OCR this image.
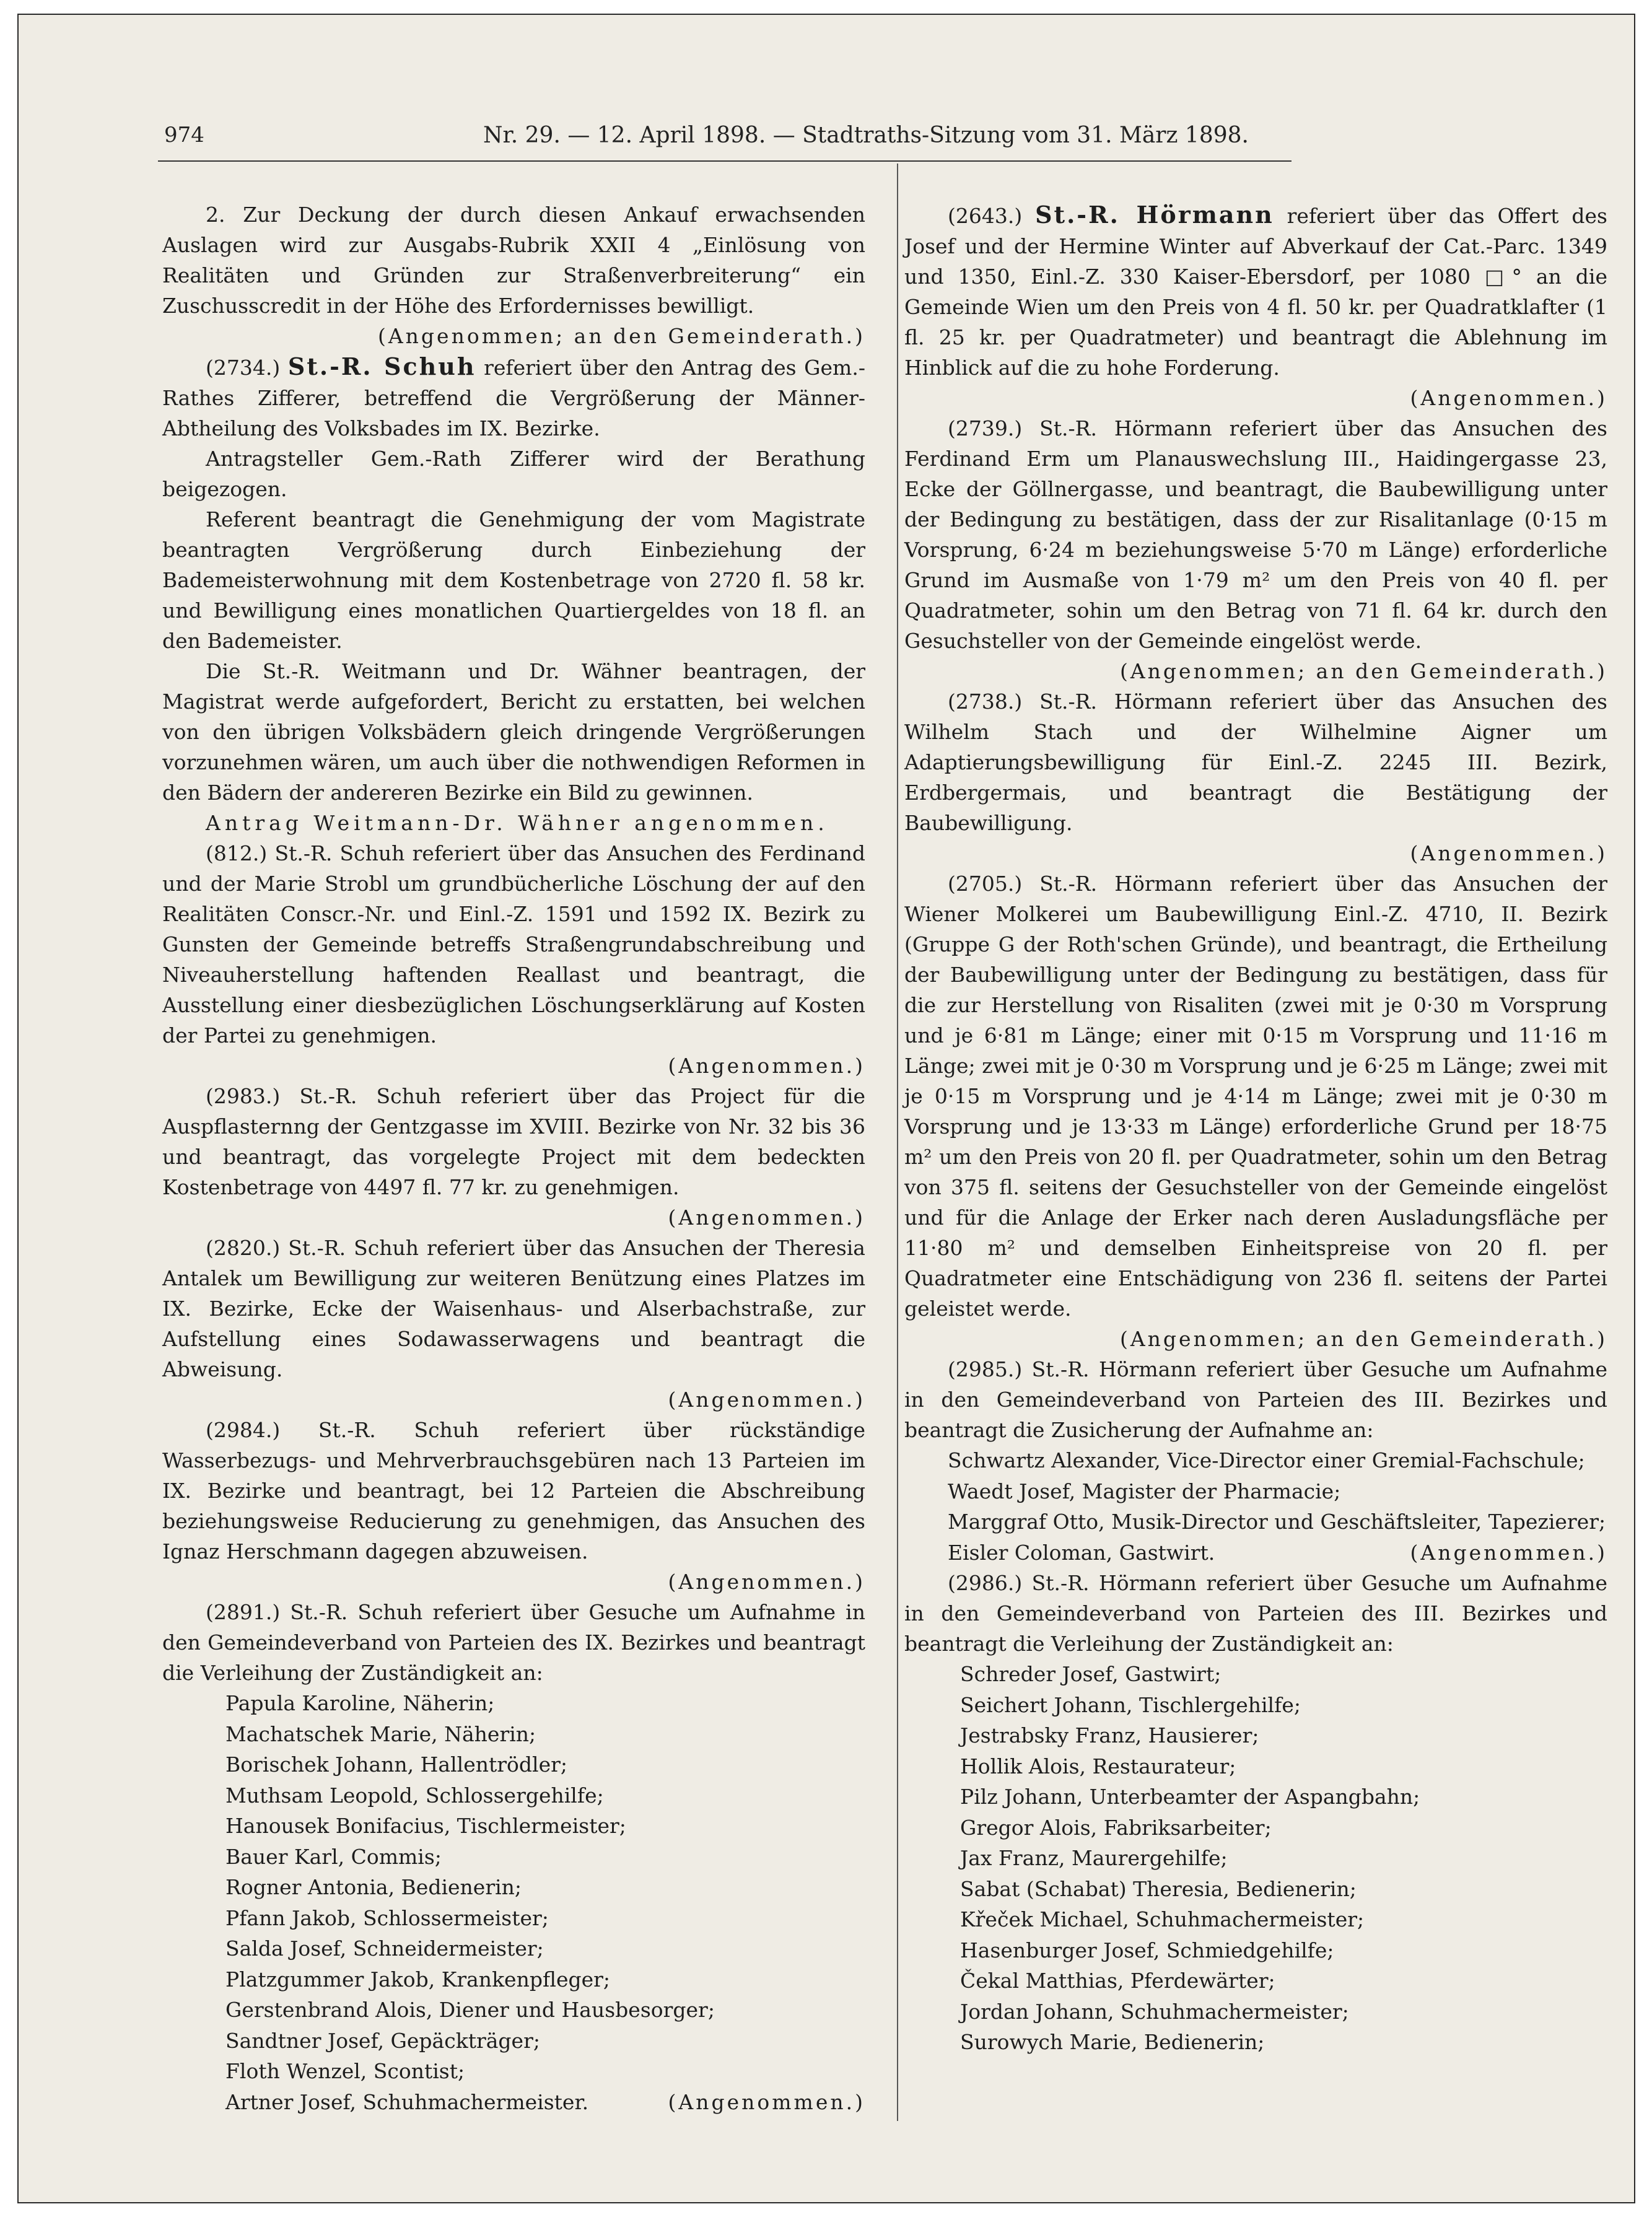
974	Nr. 29. — 12. April 1898. — Stadtraths-Sitzung vom 31. März 1898.

2. Zur Deckung der durch diesen Ankauf erwachsenden Auslagen wird zur Ausgabs-Rubrik XXII 4 „Einlösung von Realitäten und Gründen zur Straßenverbreiterung“ ein Zuschusscredit in der Höhe des Erfordernisses bewilligt.

(Angenommen; an den Gemeinderath.)

(2734.) St.-R. Schuh referiert über den Antrag des Gem.-Rathes Zifferer, betreffend die Vergrößerung der Männer-Abtheilung des Volksbades im IX. Bezirke.

Antragsteller Gem.-Rath Zifferer wird der Berathung beigezogen.

Referent beantragt die Genehmigung der vom Magistrate beantragten Vergrößerung durch Einbeziehung der Bademeisterwohnung mit dem Kostenbetrage von 2720 fl. 58 kr. und Bewilligung eines monatlichen Quartiergeldes von 18 fl. an den Bademeister.

Die St.-R. Weitmann und Dr. Wähner beantragen, der Magistrat werde aufgefordert, Bericht zu erstatten, bei welchen von den übrigen Volksbädern gleich dringende Vergrößerungen vorzunehmen wären, um auch über die nothwendigen Reformen in den Bädern der andereren Bezirke ein Bild zu gewinnen.

Antrag Weitmann-Dr. Wähner angenommen.

(812.) St.-R. Schuh referiert über das Ansuchen des Ferdinand und der Marie Strobl um grundbücherliche Löschung der auf den Realitäten Conscr.-Nr. und Einl.-Z. 1591 und 1592 IX. Bezirk zu Gunsten der Gemeinde betreffs Straßengrundabschreibung und Niveauherstellung haftenden Reallast und beantragt, die Ausstellung einer diesbezüglichen Löschungserklärung auf Kosten der Partei zu genehmigen.

(Angenommen.)

(2983.) St.-R. Schuh referiert über das Project für die Auspflasternng der Gentzgasse im XVIII. Bezirke von Nr. 32 bis 36 und beantragt, das vorgelegte Project mit dem bedeckten Kostenbetrage von 4497 fl. 77 kr. zu genehmigen.

(Angenommen.)

(2820.) St.-R. Schuh referiert über das Ansuchen der Theresia Antalek um Bewilligung zur weiteren Benützung eines Platzes im IX. Bezirke, Ecke der Waisenhaus- und Alserbachstraße, zur Aufstellung eines Sodawasserwagens und beantragt die Abweisung.

(Angenommen.)

(2984.) St.-R. Schuh referiert über rückständige Wasserbezugs- und Mehrverbrauchsgebüren nach 13 Parteien im IX. Bezirke und beantragt, bei 12 Parteien die Abschreibung beziehungsweise Reducierung zu genehmigen, das Ansuchen des Ignaz Herschmann dagegen abzuweisen.

(Angenommen.)

(2891.) St.-R. Schuh referiert über Gesuche um Aufnahme in den Gemeindeverband von Parteien des IX. Bezirkes und beantragt die Verleihung der Zuständigkeit an:

Papula Karoline, Näherin;
Machatschek Marie, Näherin;
Borischek Johann, Hallentrödler;
Muthsam Leopold, Schlossergehilfe;
Hanousek Bonifacius, Tischlermeister;
Bauer Karl, Commis;
Rogner Antonia, Bedienerin;
Pfann Jakob, Schlossermeister;
Salda Josef, Schneidermeister;
Platzgummer Jakob, Krankenpfleger;
Gerstenbrand Alois, Diener und Hausbesorger;
Sandtner Josef, Gepäckträger;
Floth Wenzel, Scontist;
Artner Josef, Schuhmachermeister.	(Angenommen.)

(2643.) St.-R. Hörmann referiert über das Offert des Josef und der Hermine Winter auf Abverkauf der Cat.-Parc. 1349 und 1350, Einl.-Z. 330 Kaiser-Ebersdorf, per 1080 □° an die Gemeinde Wien um den Preis von 4 fl. 50 kr. per Quadratklafter (1 fl. 25 kr. per Quadratmeter) und beantragt die Ablehnung im Hinblick auf die zu hohe Forderung.

(Angenommen.)

(2739.) St.-R. Hörmann referiert über das Ansuchen des Ferdinand Erm um Planauswechslung III., Haidingergasse 23, Ecke der Göllnergasse, und beantragt, die Baubewilligung unter der Bedingung zu bestätigen, dass der zur Risalitanlage (0·15 m Vorsprung, 6·24 m beziehungsweise 5·70 m Länge) erforderliche Grund im Ausmaße von 1·79 m² um den Preis von 40 fl. per Quadratmeter, sohin um den Betrag von 71 fl. 64 kr. durch den Gesuchsteller von der Gemeinde eingelöst werde.

(Angenommen; an den Gemeinderath.)

(2738.) St.-R. Hörmann referiert über das Ansuchen des Wilhelm Stach und der Wilhelmine Aigner um Adaptierungsbewilligung für Einl.-Z. 2245 III. Bezirk, Erdbergermais, und beantragt die Bestätigung der Baubewilligung.

(Angenommen.)

(2705.) St.-R. Hörmann referiert über das Ansuchen der Wiener Molkerei um Baubewilligung Einl.-Z. 4710, II. Bezirk (Gruppe G der Roth'schen Gründe), und beantragt, die Ertheilung der Baubewilligung unter der Bedingung zu bestätigen, dass für die zur Herstellung von Risaliten (zwei mit je 0·30 m Vorsprung und je 6·81 m Länge; einer mit 0·15 m Vorsprung und 11·16 m Länge; zwei mit je 0·30 m Vorsprung und je 6·25 m Länge; zwei mit je 0·15 m Vorsprung und je 4·14 m Länge; zwei mit je 0·30 m Vorsprung und je 13·33 m Länge) erforderliche Grund per 18·75 m² um den Preis von 20 fl. per Quadratmeter, sohin um den Betrag von 375 fl. seitens der Gesuchsteller von der Gemeinde eingelöst und für die Anlage der Erker nach deren Ausladungsfläche per 11·80 m² und demselben Einheitspreise von 20 fl. per Quadratmeter eine Entschädigung von 236 fl. seitens der Partei geleistet werde.

(Angenommen; an den Gemeinderath.)

(2985.) St.-R. Hörmann referiert über Gesuche um Aufnahme in den Gemeindeverband von Parteien des III. Bezirkes und beantragt die Zusicherung der Aufnahme an:

Schwartz Alexander, Vice-Director einer Gremial-Fachschule;
Waedt Josef, Magister der Pharmacie;
Marggraf Otto, Musik-Director und Geschäftsleiter, Tapezierer;
Eisler Coloman, Gastwirt.	(Angenommen.)

(2986.) St.-R. Hörmann referiert über Gesuche um Aufnahme in den Gemeindeverband von Parteien des III. Bezirkes und beantragt die Verleihung der Zuständigkeit an:

Schreder Josef, Gastwirt;
Seichert Johann, Tischlergehilfe;
Jestrabsky Franz, Hausierer;
Hollik Alois, Restaurateur;
Pilz Johann, Unterbeamter der Aspangbahn;
Gregor Alois, Fabriksarbeiter;
Jax Franz, Maurergehilfe;
Sabat (Schabat) Theresia, Bedienerin;
Křeček Michael, Schuhmachermeister;
Hasenburger Josef, Schmiedgehilfe;
Čekal Matthias, Pferdewärter;
Jordan Johann, Schuhmachermeister;
Surowych Marie, Bedienerin;
